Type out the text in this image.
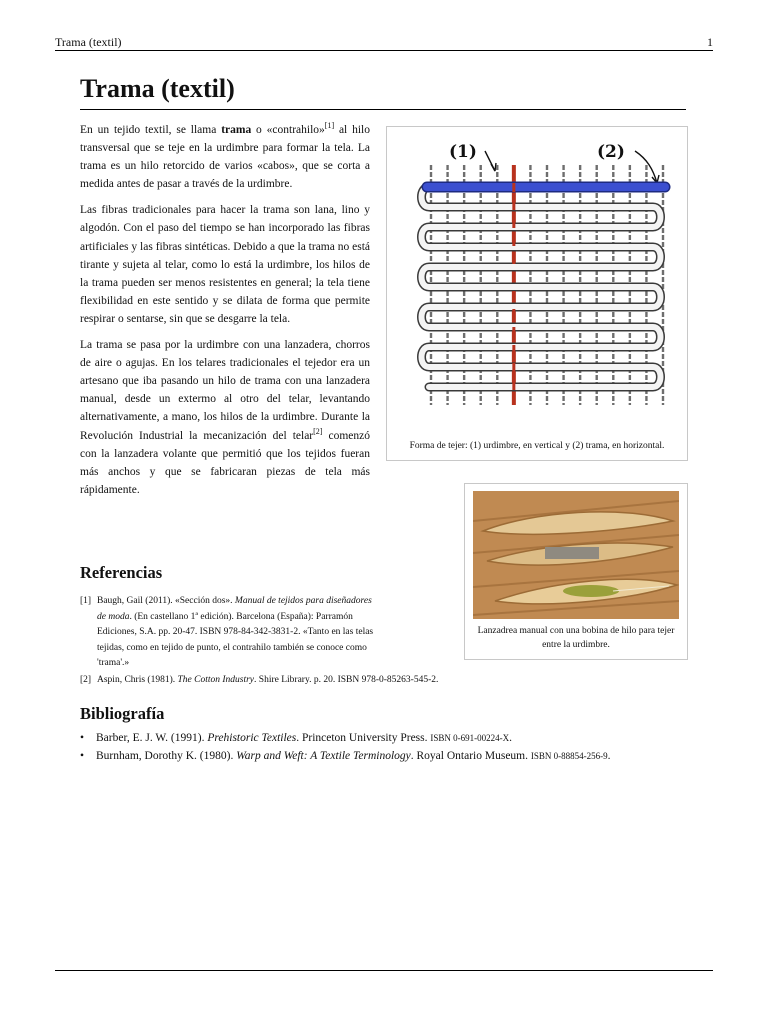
Trama (textil)	1
Trama (textil)

En un tejido textil, se llama trama o «contrahilo»[1] al hilo transversal que se teje en la urdimbre para formar la tela. La trama es un hilo retorcido de varios «cabos», que se corta a medida antes de pasar a través de la urdimbre.

Las fibras tradicionales para hacer la trama son lana, lino y algodón. Con el paso del tiempo se han incorporado las fibras artificiales y las fibras sintéticas. Debido a que la trama no está tirante y sujeta al telar, como lo está la urdimbre, los hilos de la trama pueden ser menos resistentes en general; la tela tiene flexibilidad en este sentido y se dilata de forma que permite respirar o sentarse, sin que se desgarre la tela.

La trama se pasa por la urdimbre con una lanzadera, chorros de aire o agujas. En los telares tradicionales el tejedor era un artesano que iba pasando un hilo de trama con una lanzadera manual, desde un extermo al otro del telar, levantando alternativamente, a mano, los hilos de la urdimbre. Durante la Revolución Industrial la mecanización del telar[2] comenzó con la lanzadera volante que permitió que los tejidos fueran más anchos y que se fabricaran piezas de tela más rápidamente.

(1)	(2)
Forma de tejer: (1) urdimbre, en vertical y (2) trama, en horizontal.
Lanzadrea manual con una bobina de hilo para tejer entre la urdimbre.
Referencias
[1] Baugh, Gail (2011). «Sección dos». Manual de tejidos para diseñadores de moda. (En castellano 1ª edición). Barcelona (España): Parramón Ediciones, S.A. pp. 20-47. ISBN 978-84-342-3831-2. «Tanto en las telas tejidas, como en tejido de punto, el contrahilo también se conoce como 'trama'.»
[2] Aspin, Chris (1981). The Cotton Industry. Shire Library. p. 20. ISBN 978-0-85263-545-2.
Bibliografía
• Barber, E. J. W. (1991). Prehistoric Textiles. Princeton University Press. ISBN 0-691-00224-X.
• Burnham, Dorothy K. (1980). Warp and Weft: A Textile Terminology. Royal Ontario Museum. ISBN 0-88854-256-9.
